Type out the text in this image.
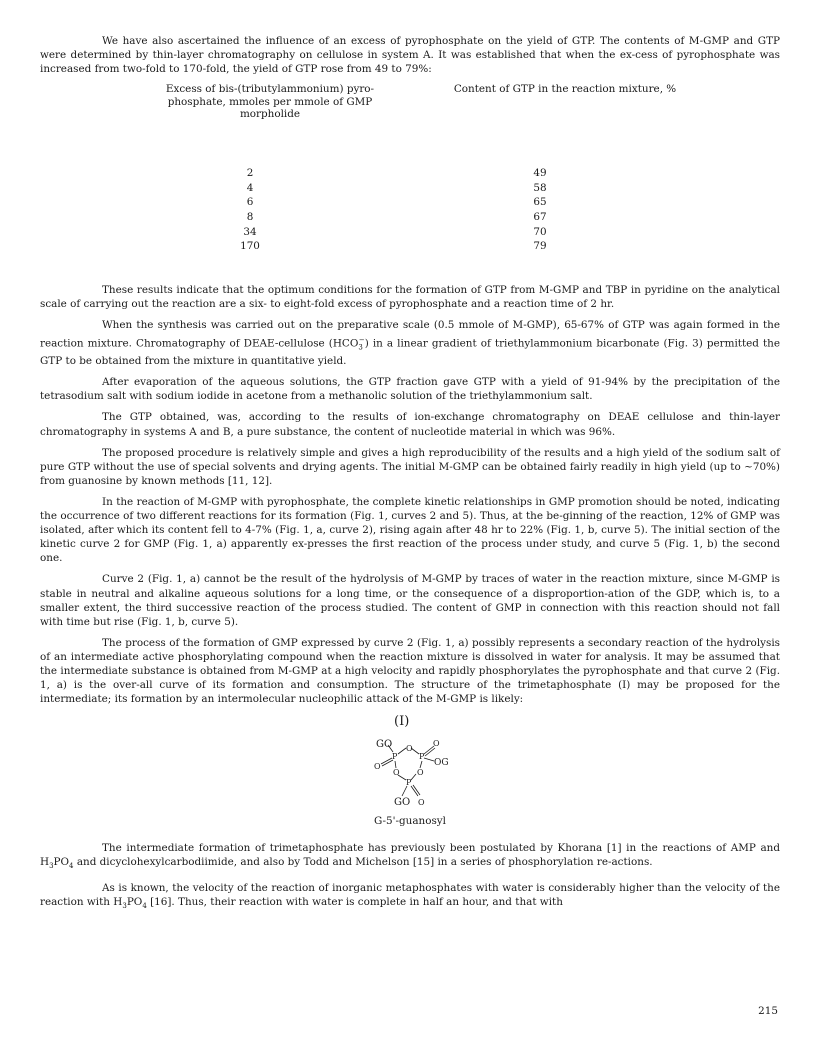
We have also ascertained the influence of an excess of pyrophosphate on the yield of GTP. The contents of M-GMP and GTP were determined by thin-layer chromatography on cellulose in system A. It was established that when the ex-cess of pyrophosphate was increased from two-fold to 170-fold, the yield of GTP rose from 49 to 79%:

Excess of bis-(tributylammonium) pyro-phosphate, mmoles per mmole of GMP morpholide
Content of GTP in the reaction mixture, %
2	49
4	58
6	65
8	67
34	70
170	79

These results indicate that the optimum conditions for the formation of GTP from M-GMP and TBP in pyridine on the analytical scale of carrying out the reaction are a six- to eight-fold excess of pyrophosphate and a reaction time of 2 hr.

When the synthesis was carried out on the preparative scale (0.5 mmole of M-GMP), 65-67% of GTP was again formed in the reaction mixture. Chromatography of DEAE-cellulose $(HCO_3^-)$ in a linear gradient of triethylammonium bicarbonate (Fig. 3) permitted the GTP to be obtained from the mixture in quantitative yield.

After evaporation of the aqueous solutions, the GTP fraction gave GTP with a yield of 91-94% by the precipitation of the tetrasodium salt with sodium iodide in acetone from a methanolic solution of the triethylammonium salt.

The GTP obtained, was, according to the results of ion-exchange chromatography on DEAE cellulose and thin-layer chromatography in systems A and B, a pure substance, the content of nucleotide material in which was 96%.

The proposed procedure is relatively simple and gives a high reproducibility of the results and a high yield of the sodium salt of pure GTP without the use of special solvents and drying agents. The initial M-GMP can be obtained fairly readily in high yield (up to ~70%) from guanosine by known methods [11, 12].

In the reaction of M-GMP with pyrophosphate, the complete kinetic relationships in GMP promotion should be noted, indicating the occurrence of two different reactions for its formation (Fig. 1, curves 2 and 5). Thus, at the be-ginning of the reaction, 12% of GMP was isolated, after which its content fell to 4-7% (Fig. 1, a, curve 2), rising again after 48 hr to 22% (Fig. 1, b, curve 5). The initial section of the kinetic curve 2 for GMP (Fig. 1, a) apparently ex-presses the first reaction of the process under study, and curve 5 (Fig. 1, b) the second one.

Curve 2 (Fig. 1, a) cannot be the result of the hydrolysis of M-GMP by traces of water in the reaction mixture, since M-GMP is stable in neutral and alkaline aqueous solutions for a long time, or the consequence of a disproportion-ation of the GDP, which is, to a smaller extent, the third successive reaction of the process studied. The content of GMP in connection with this reaction should not fall with time but rise (Fig. 1, b, curve 5).

The process of the formation of GMP expressed by curve 2 (Fig. 1, a) possibly represents a secondary reaction of the hydrolysis of an intermediate active phosphorylating compound when the reaction mixture is dissolved in water for analysis. It may be assumed that the intermediate substance is obtained from M-GMP at a high velocity and rapidly phosphorylates the pyrophosphate and that curve 2 (Fig. 1, a) is the over-all curve of its formation and consumption. The structure of the trimetaphosphate (I) may be proposed for the intermediate; its formation by an intermolecular nucleophilic attack of the M-GMP is likely:

(I)
GO
P
O
P
O
OG
O
O O
P
GO O
G-5'-guanosyl

The intermediate formation of trimetaphosphate has previously been postulated by Khorana [1] in the reactions of AMP and $H_3PO_4$ and dicyclohexylcarbodiimide, and also by Todd and Michelson [15] in a series of phosphorylation re-actions.

As is known, the velocity of the reaction of inorganic metaphosphates with water is considerably higher than the velocity of the reaction with $H_3PO_4$ [16]. Thus, their reaction with water is complete in half an hour, and that with

215
